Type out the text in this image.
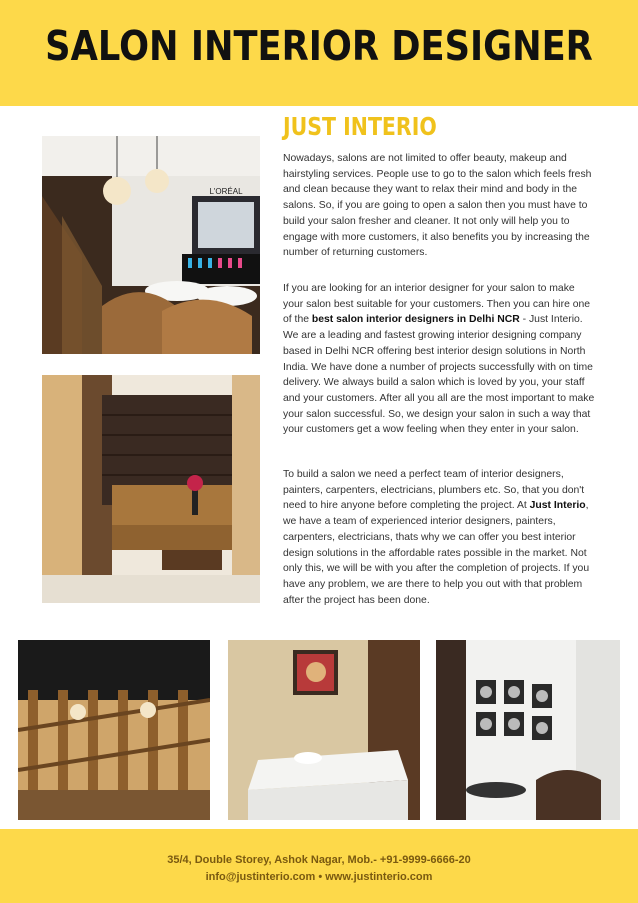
SALON INTERIOR DESIGNER
JUST INTERIO

Nowadays, salons are not limited to offer beauty, makeup and hairstyling services. People use to go to the salon which feels fresh and clean because they want to relax their mind and body in the salons. So, if you are going to open a salon then you must have to build your salon fresher and cleaner. It not only will help you to engage with more customers, it also benefits you by increasing the number of returning customers.

If you are looking for an interior designer for your salon to make your salon best suitable for your customers. Then you can hire one of the best salon interior designers in Delhi NCR - Just Interio. We are a leading and fastest growing interior designing company based in Delhi NCR offering best interior design solutions in North India. We have done a number of projects successfully with on time delivery. We always build a salon which is loved by you, your staff and your customers. After all you all are the most important to make your salon successful. So, we design your salon in such a way that your customers get a wow feeling when they enter in your salon.

To build a salon we need a perfect team of interior designers, painters, carpenters, electricians, plumbers etc. So, that you don't need to hire anyone before completing the project. At Just Interio, we have a team of experienced interior designers, painters, carpenters, electricians, thats why we can offer you best interior design solutions in the affordable rates possible in the market. Not only this, we will be with you after the completion of projects. If you have any problem, we are there to help you out with that problem after the project has been done.

L'ORÉAL
35/4, Double Storey, Ashok Nagar, Mob.- +91-9999-6666-20
info@justinterio.com • www.justinterio.com
